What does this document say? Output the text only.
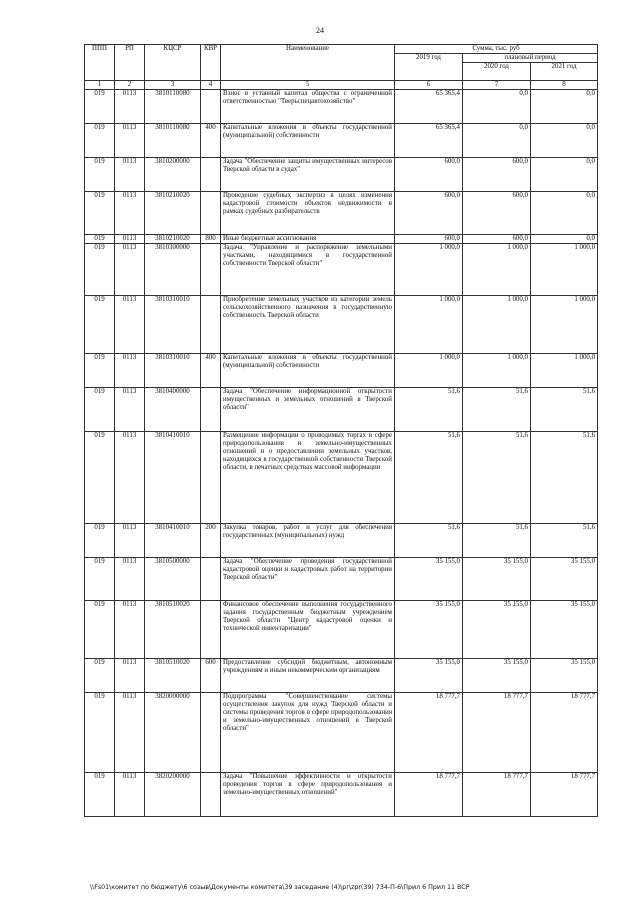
24
ППП	РП	КЦСР	КВР	Наименование	Сумма, тыс. руб		
					2019 год	плановый период	
						2020 год	2021 год
1	2	3	4	5	6	7	8
019	0113	3810110080		Взнос в уставный капитал общества с ограниченной ответственностью "Тверьспецавтохозяйство"	65 365,4	0,0	0,0
019	0113	3810110080	400	Капитальные вложения в объекты государственной (муниципальной) собственности	65 365,4	0,0	0,0
019	0113	3810200000		Задача "Обеспечение защиты имущественных интересов Тверской области в судах"	600,0	600,0	0,0
019	0113	3810210020		Проведение судебных экспертиз в целях изменения кадастровой стоимости объектов недвижимости в рамках судебных разбирательств	600,0	600,0	0,0
019	0113	3810210020	800	Иные бюджетные ассигнования	600,0	600,0	0,0
019	0113	3810300000		Задача "Управление и распоряжение земельными участками, находящимися в государственной собственности Тверской области"	1 000,0	1 000,0	1 000,0
019	0113	3810310010		Приобретение земельных участков из категории земель сельскохозяйственного назначения в государственную собственность Тверской области	1 000,0	1 000,0	1 000,0
019	0113	3810310010	400	Капитальные вложения в объекты государственной (муниципальной) собственности	1 000,0	1 000,0	1 000,0
019	0113	3810400000		Задача "Обеспечение информационной открытости имущественных и земельных отношений в Тверской области"	51,6	51,6	51,6
019	0113	3810410010		Размещение информации о проводимых торгах в сфере природопользования и земельно-имущественных отношений и о предоставлении земельных участков, находящихся в государственной собственности Тверской области, в печатных средствах массовой информации	51,6	51,6	51,6
019	0113	3810410010	200	Закупка товаров, работ и услуг для обеспечения государственных (муниципальных) нужд	51,6	51,6	51,6
019	0113	3810500000		Задача "Обеспечение проведения государственной кадастровой оценки и кадастровых работ на территории Тверской области"	35 155,0	35 155,0	35 155,0
019	0113	3810510020		Финансовое обеспечение выполнения государственного задания государственным бюджетным учреждением Тверской области "Центр кадастровой оценки и технической инвентаризации"	35 155,0	35 155,0	35 155,0
019	0113	3810510020	600	Предоставление субсидий бюджетным, автономным учреждениям и иным некоммерческим организациям	35 155,0	35 155,0	35 155,0
019	0113	3820000000		Подпрограмма "Совершенствование системы осуществления закупок для нужд Тверской области и системы проведения торгов в сфере природопользования и земельно-имущественных отношений в Тверской области"	18 777,7	18 777,7	18 777,7
019	0113	3820200000		Задача "Повышение эффективности и открытости проведения торгов в сфере природопользования и земельно-имущественных отношений"	18 777,7	18 777,7	18 777,7
\\Fs01\комитет по бюджету\6 созыв\Документы комитета\39 заседание (4)\pr\zpr(39) 734-П-6\Прил 6 Прил 11 ВСР
